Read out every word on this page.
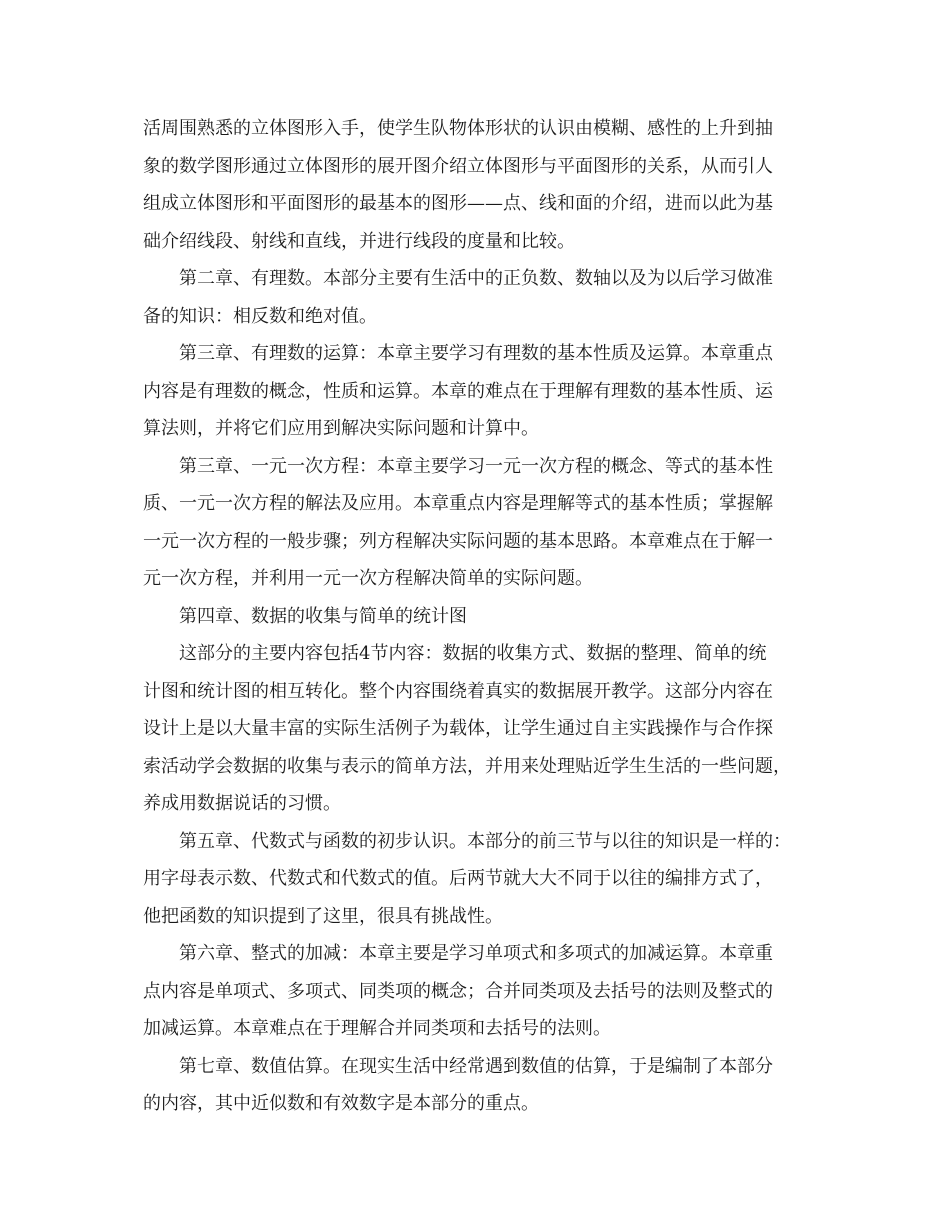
活周围熟悉的立体图形入手，使学生队物体形状的认识由模糊、感性的上升到抽
象的数学图形通过立体图形的展开图介绍立体图形与平面图形的关系，从而引人
组成立体图形和平面图形的最基本的图形——点、线和面的介绍，进而以此为基
础介绍线段、射线和直线，并进行线段的度量和比较。
第二章、有理数。本部分主要有生活中的正负数、数轴以及为以后学习做准
备的知识：相反数和绝对值。
第三章、有理数的运算：本章主要学习有理数的基本性质及运算。本章重点
内容是有理数的概念，性质和运算。本章的难点在于理解有理数的基本性质、运
算法则，并将它们应用到解决实际问题和计算中。
第三章、一元一次方程：本章主要学习一元一次方程的概念、等式的基本性
质、一元一次方程的解法及应用。本章重点内容是理解等式的基本性质；掌握解
一元一次方程的一般步骤；列方程解决实际问题的基本思路。本章难点在于解一
元一次方程，并利用一元一次方程解决简单的实际问题。
第四章、数据的收集与简单的统计图
这部分的主要内容包括4节内容：数据的收集方式、数据的整理、简单的统
计图和统计图的相互转化。整个内容围绕着真实的数据展开教学。这部分内容在
设计上是以大量丰富的实际生活例子为载体，让学生通过自主实践操作与合作探
索活动学会数据的收集与表示的简单方法，并用来处理贴近学生生活的一些问题，
养成用数据说话的习惯。
第五章、代数式与函数的初步认识。本部分的前三节与以往的知识是一样的：
用字母表示数、代数式和代数式的值。后两节就大大不同于以往的编排方式了，
他把函数的知识提到了这里，很具有挑战性。
第六章、整式的加减：本章主要是学习单项式和多项式的加减运算。本章重
点内容是单项式、多项式、同类项的概念；合并同类项及去括号的法则及整式的
加减运算。本章难点在于理解合并同类项和去括号的法则。
第七章、数值估算。在现实生活中经常遇到数值的估算，于是编制了本部分
的内容，其中近似数和有效数字是本部分的重点。
